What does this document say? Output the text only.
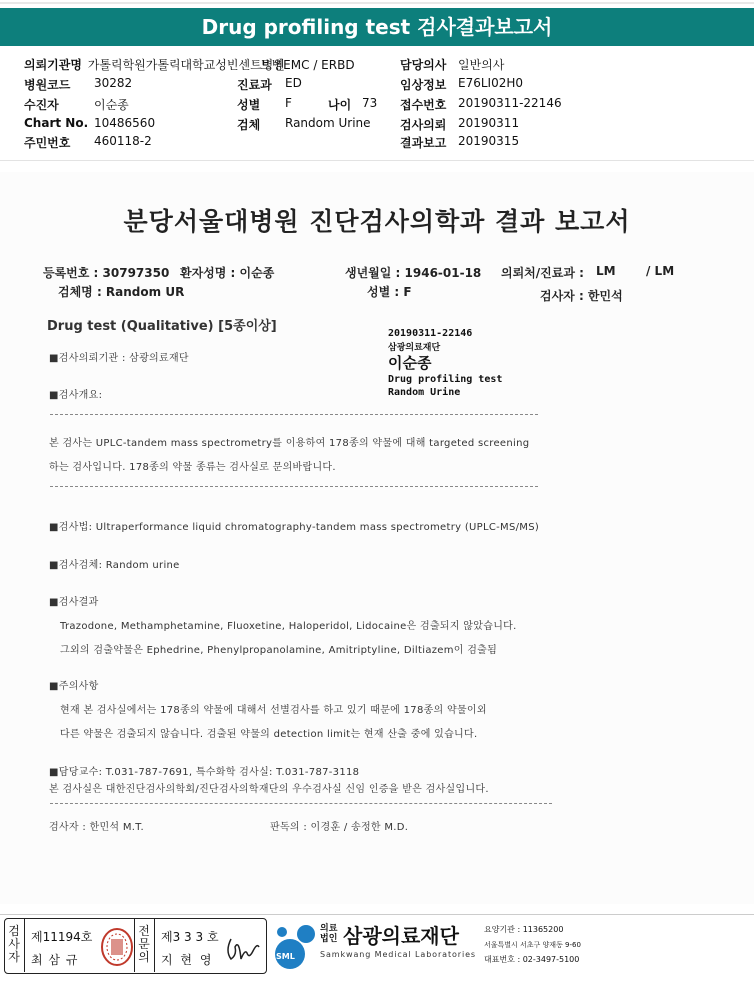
Drug profiling test 검사결과보고서
의뢰기관명 가톨릭학원가톨릭대학교성빈센트병원
트병EMC / ERBD
병원코드 30282
수진자	이순종
Chart No. 10486560
주민번호 460118-2
진료과 ED
성별 F	나이 73
검체 Random Urine
담당의사 일반의사
임상정보 E76LI02H0
접수번호 20190311-22146
검사의뢰 20190311
결과보고 20190315
분당서울대병원 진단검사의학과 결과 보고서
등록번호 : 30797350 환자성명 : 이순종	생년월일 : 1946-01-18 의뢰처/진료과 : LM	/ LM
검체명 : Random UR	성별 : F	검사자 : 한민석
Drug test (Qualitative) [5종이상]	20190311-22146
삼광의료재단
이순종
Drug profiling test
Random Urine
■검사의뢰기관 : 삼광의료재단
■검사개요:
본 검사는 UPLC-tandem mass spectrometry를 이용하여 178종의 약물에 대해 targeted screening
하는 검사입니다. 178종의 약물 종류는 검사실로 문의바랍니다.
■검사법: Ultraperformance liquid chromatography-tandem mass spectrometry (UPLC-MS/MS)
■검사검체: Random urine
■검사결과
Trazodone, Methamphetamine, Fluoxetine, Haloperidol, Lidocaine은 검출되지 않았습니다.
그외의 검출약물은 Ephedrine, Phenylpropanolamine, Amitriptyline, Diltiazem이 검출됨
■주의사항
현재 본 검사실에서는 178종의 약물에 대해서 선별검사를 하고 있기 때문에 178종의 약물이외
다른 약물은 검출되지 않습니다. 검출된 약물의 detection limit는 현재 산출 중에 있습니다.
■담당교수: T.031-787-7691, 특수화학 검사실: T.031-787-3118
본 검사실은 대한진단검사의학회/진단검사의학재단의 우수검사실 신임 인증을 받은 검사실입니다.
검사자 : 한민석 M.T.	판독의 : 이경훈 / 송정한 M.D.
검사자
제11194호
최 삼 규
전문의
제3 3 3 호
지 현 영	SML
의료법인 삼광의료재단
Samkwang Medical Laboratories
요양기관 : 11365200
서울특별시 서초구 양재동 9-60
대표번호 : 02-3497-5100
